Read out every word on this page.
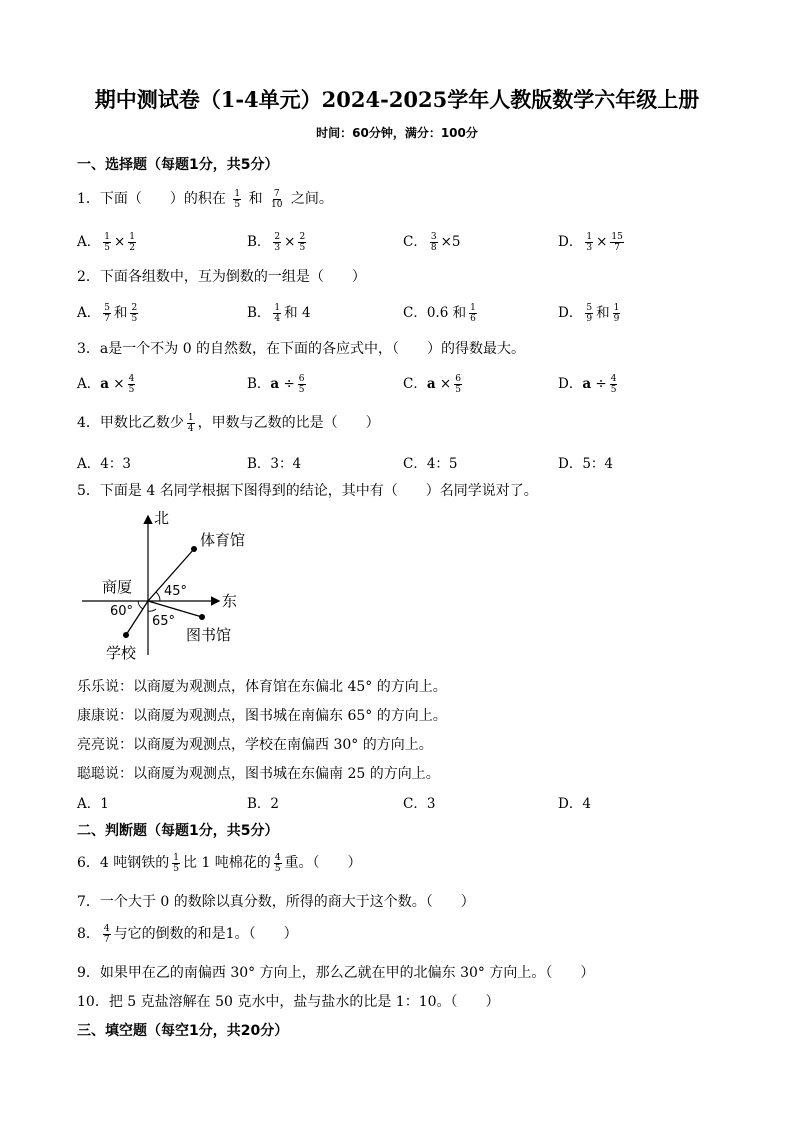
期中测试卷（1-4单元）2024-2025学年人教版数学六年级上册
时间：60分钟，满分：100分
一、选择题（每题1分，共5分）
1．下面（　　）的积在 $\frac{1}{5}$ 和 $\frac{7}{10}$ 之间。
A． $\frac{1}{5} \times \frac{1}{2}$	B． $\frac{2}{3} \times \frac{2}{5}$	C． $\frac{3}{8} \times 5$	D． $\frac{1}{3} \times \frac{15}{7}$
2．下面各组数中，互为倒数的一组是（　　）
A． $\frac{5}{7}$ 和 $\frac{2}{5}$	B． $\frac{1}{4}$ 和 4	C．0.6 和 $\frac{1}{6}$	D． $\frac{5}{9}$ 和 $\frac{1}{9}$
3．a是一个不为 0 的自然数，在下面的各应式中，（　　）的得数最大。
A．$a \times \frac{4}{5}$	B．$a \div \frac{6}{5}$	C．$a \times \frac{6}{5}$	D．$a \div \frac{4}{5}$
4．甲数比乙数少 $\frac{1}{4}$ ，甲数与乙数的比是（　　）
A．4：3	B．3：4	C．4：5	D．5：4
5．下面是 4 名同学根据下图得到的结论，其中有（　　）名同学说对了。
北
东
体育馆
商厦
学校
图书馆
45°
60°
65°
乐乐说：以商厦为观测点，体育馆在东偏北 45° 的方向上。
康康说：以商厦为观测点，图书城在南偏东 65° 的方向上。
亮亮说：以商厦为观测点，学校在南偏西 30° 的方向上。
聪聪说：以商厦为观测点，图书城在东偏南 25 的方向上。
A．1	B．2	C．3	D．4
二、判断题（每题1分，共5分）
6．4 吨钢铁的 $\frac{1}{5}$ 比 1 吨棉花的 $\frac{4}{5}$ 重。（　　）
7．一个大于 0 的数除以真分数，所得的商大于这个数。（　　）
8． $\frac{4}{7}$ 与它的倒数的和是1。（　　）
9．如果甲在乙的南偏西 30° 方向上，那么乙就在甲的北偏东 30° 方向上。（　　）
10．把 5 克盐溶解在 50 克水中，盐与盐水的比是 1：10。（　　）
三、填空题（每空1分，共20分）
